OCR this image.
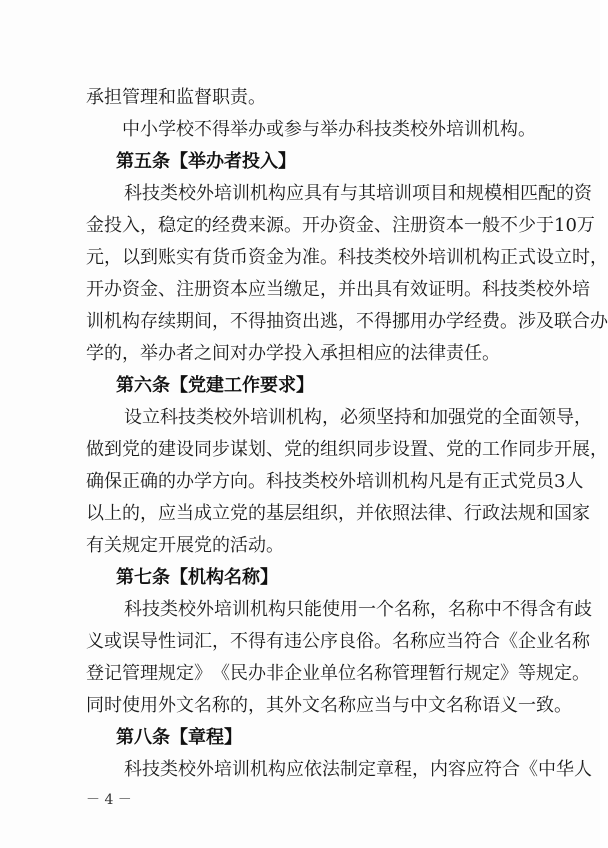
承担管理和监督职责。
中小学校不得举办或参与举办科技类校外培训机构。
第五条【举办者投入】
科 技 类 校 外 培 训 机 构 应 具 有 与 其 培 训 项 目 和 规 模 相 匹 配 的 资
金 投 入 ， 稳 定 的 经 费 来 源 。 开 办 资 金 、 注 册 资 本 一 般 不 少 于 1 0 万
元 ， 以 到 账 实 有 货 币 资 金 为 准 。 科 技 类 校 外 培 训 机 构 正 式 设 立 时 ，
开 办 资 金 、 注 册 资 本 应 当 缴 足 ， 并 出 具 有 效 证 明 。 科 技 类 校 外 培
训 机 构 存 续 期 间 ， 不 得 抽 资 出 逃 ， 不 得 挪 用 办 学 经 费 。 涉 及 联 合 办
学的，举办者之间对办学投入承担相应的法律责任。
第六条【党建工作要求】
设 立 科 技 类 校 外 培 训 机 构 ， 必 须 坚 持 和 加 强 党 的 全 面 领 导 ，
做 到 党 的 建 设 同 步 谋 划 、 党 的 组 织 同 步 设 置 、 党 的 工 作 同 步 开 展 ，
确 保 正 确 的 办 学 方 向 。 科 技 类 校 外 培 训 机 构 凡 是 有 正 式 党 员 3 人
以 上 的 ， 应 当 成 立 党 的 基 层 组 织 ， 并 依 照 法 律 、 行 政 法 规 和 国 家
有关规定开展党的活动。
第七条【机构名称】
科 技 类 校 外 培 训 机 构 只 能 使 用 一 个 名 称 ， 名 称 中 不 得 含 有 歧
义 或 误 导 性 词 汇 ， 不 得 有 违 公 序 良 俗 。 名 称 应 当 符 合 《 企 业 名 称
登 记 管 理 规 定 》 《 民 办 非 企 业 单 位 名 称 管 理 暂 行 规 定 》 等 规 定 。
同时使用外文名称的，其外文名称应当与中文名称语义一致。
第八条【章程】
科 技 类 校 外 培 训 机 构 应 依 法 制 定 章 程 ， 内 容 应 符 合 《 中 华 人
－ 4 －
